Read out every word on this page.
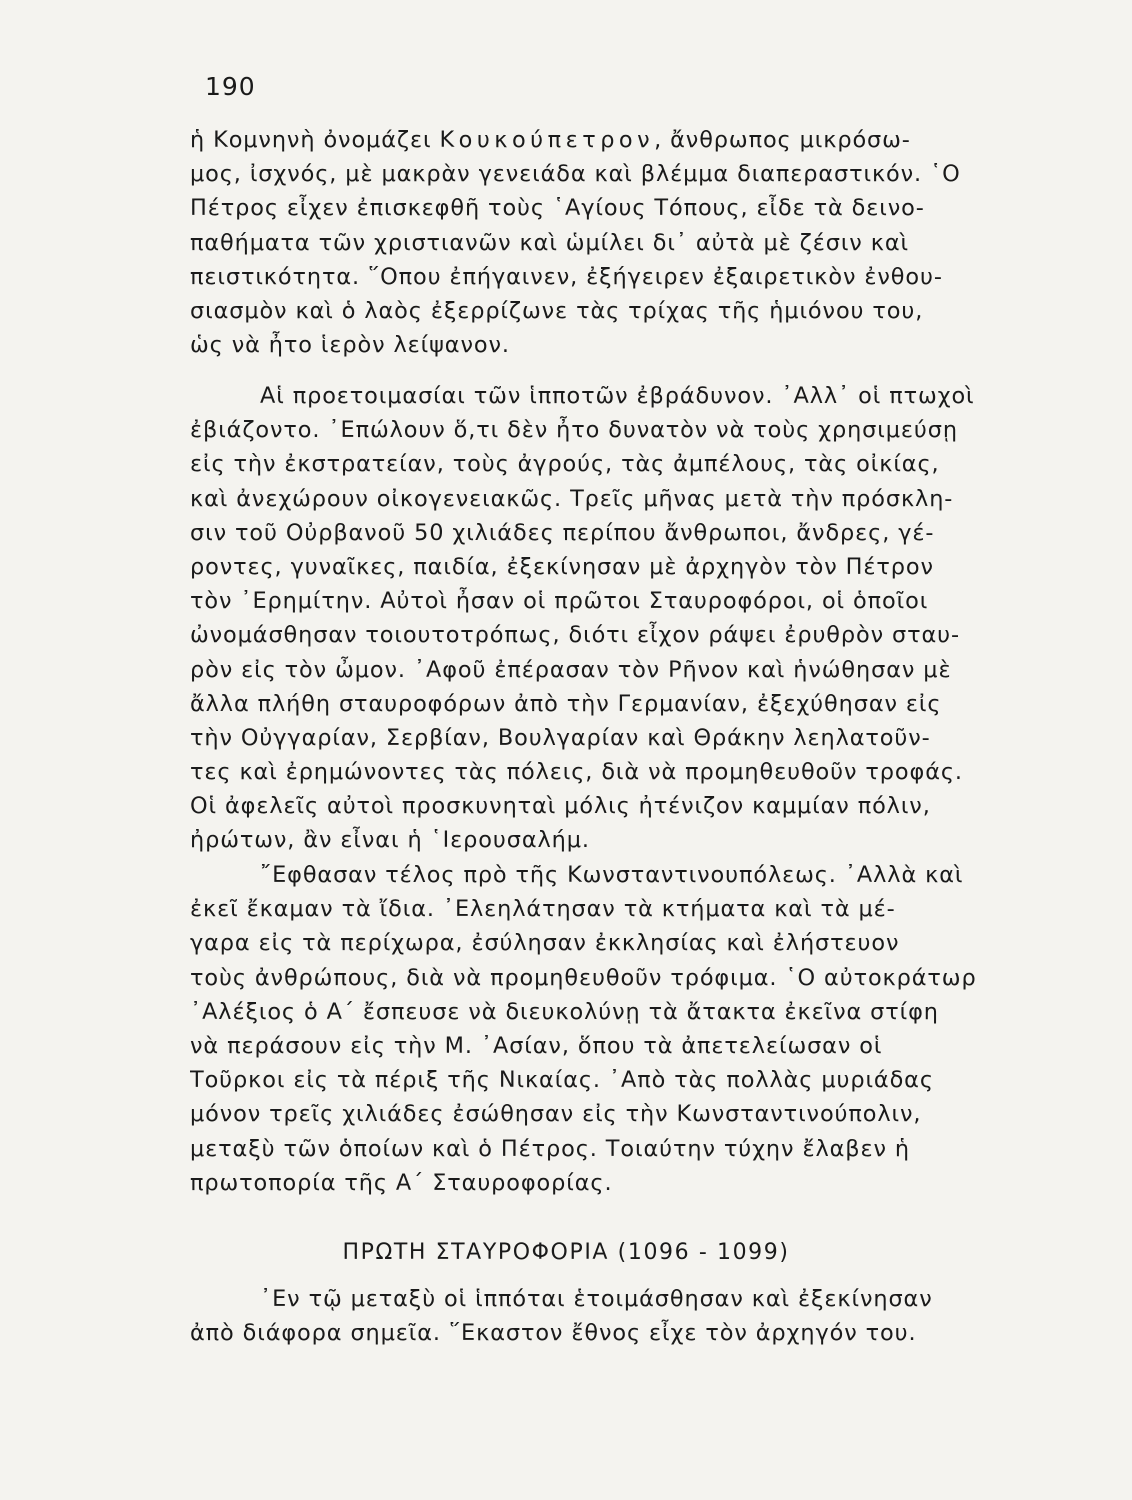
190
ἡ Κομνηνὴ ὀνομάζει Κουκούπετρον, ἄνθρωπος μικρόσω-
μος, ἰσχνός, μὲ μακρὰν γενειάδα καὶ βλέμμα διαπεραστικόν. ῾Ο
Πέτρος εἶχεν ἐπισκεφθῆ τοὺς ῾Αγίους Τόπους, εἶδε τὰ δεινο-
παθήματα τῶν χριστιανῶν καὶ ὡμίλει δι᾽ αὐτὰ μὲ ζέσιν καὶ
πειστικότητα. ῞Οπου ἐπήγαινεν, ἐξήγειρεν ἐξαιρετικὸν ἐνθου-
σιασμὸν καὶ ὁ λαὸς ἐξερρίζωνε τὰς τρίχας τῆς ἡμιόνου του,
ὡς νὰ ἦτο ἱερὸν λείψανον.
Αἱ προετοιμασίαι τῶν ἱπποτῶν ἐβράδυνον. ᾿Αλλ᾽ οἱ πτωχοὶ
ἐβιάζοντο. ᾿Επώλουν ὅ,τι δὲν ἦτο δυνατὸν νὰ τοὺς χρησιμεύσῃ
εἰς τὴν ἐκστρατείαν, τοὺς ἀγρούς, τὰς ἀμπέλους, τὰς οἰκίας,
καὶ ἀνεχώρουν οἰκογενειακῶς. Τρεῖς μῆνας μετὰ τὴν πρόσκλη-
σιν τοῦ Οὐρβανοῦ 50 χιλιάδες περίπου ἄνθρωποι, ἄνδρες, γέ-
ροντες, γυναῖκες, παιδία, ἐξεκίνησαν μὲ ἀρχηγὸν τὸν Πέτρον
τὸν ᾿Ερημίτην. Αὐτοὶ ἦσαν οἱ πρῶτοι Σταυροφόροι, οἱ ὁποῖοι
ὠνομάσθησαν τοιουτοτρόπως, διότι εἶχον ράψει ἐρυθρὸν σταυ-
ρὸν εἰς τὸν ὦμον. ᾿Αφοῦ ἐπέρασαν τὸν Ρῆνον καὶ ἡνώθησαν μὲ
ἄλλα πλήθη σταυροφόρων ἀπὸ τὴν Γερμανίαν, ἐξεχύθησαν εἰς
τὴν Οὐγγαρίαν, Σερβίαν, Βουλγαρίαν καὶ Θράκην λεηλατοῦν-
τες καὶ ἐρημώνοντες τὰς πόλεις, διὰ νὰ προμηθευθοῦν τροφάς.
Οἱ ἀφελεῖς αὐτοὶ προσκυνηταὶ μόλις ἠτένιζον καμμίαν πόλιν,
ἠρώτων, ἂν εἶναι ἡ ῾Ιερουσαλήμ.
῎Εφθασαν τέλος πρὸ τῆς Κωνσταντινουπόλεως. ᾿Αλλὰ καὶ
ἐκεῖ ἔκαμαν τὰ ἴδια. ᾿Ελεηλάτησαν τὰ κτήματα καὶ τὰ μέ-
γαρα εἰς τὰ περίχωρα, ἐσύλησαν ἐκκλησίας καὶ ἐλήστευον
τοὺς ἀνθρώπους, διὰ νὰ προμηθευθοῦν τρόφιμα. ῾Ο αὐτοκράτωρ
᾿Αλέξιος ὁ Α´ ἔσπευσε νὰ διευκολύνῃ τὰ ἄτακτα ἐκεῖνα στίφη
νὰ περάσουν εἰς τὴν Μ. ᾿Ασίαν, ὅπου τὰ ἀπετελείωσαν οἱ
Τοῦρκοι εἰς τὰ πέριξ τῆς Νικαίας. ᾿Απὸ τὰς πολλὰς μυριάδας
μόνον τρεῖς χιλιάδες ἐσώθησαν εἰς τὴν Κωνσταντινούπολιν,
μεταξὺ τῶν ὁποίων καὶ ὁ Πέτρος. Τοιαύτην τύχην ἔλαβεν ἡ
πρωτοπορία τῆς Α´ Σταυροφορίας.
ΠΡΩΤΗ ΣΤΑΥΡΟΦΟΡΙΑ (1096 - 1099)
᾿Εν τῷ μεταξὺ οἱ ἱππόται ἑτοιμάσθησαν καὶ ἐξεκίνησαν
ἀπὸ διάφορα σημεῖα. ῞Εκαστον ἔθνος εἶχε τὸν ἀρχηγόν του.
